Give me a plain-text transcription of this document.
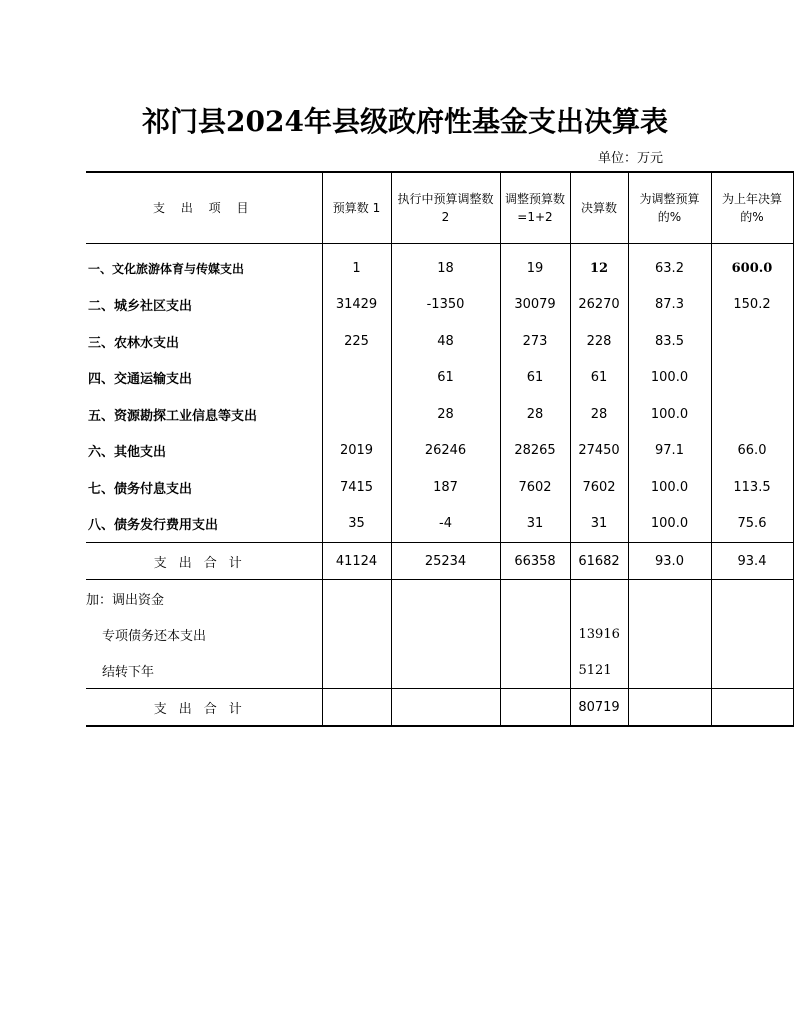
祁门县2024年县级政府性基金支出决算表
单位：万元
支 出 项 目	预算数 1	执行中预算调整数 2	调整预算数 =1+2	决算数	为调整预算的%	为上年决算的%
一、文化旅游体育与传媒支出	1	18	19	12	63.2	600.0
二、城乡社区支出	31429	-1350	30079	26270	87.3	150.2
三、农林水支出	225	48	273	228	83.5	
四、交通运输支出		61	61	61	100.0	
五、资源勘探工业信息等支出		28	28	28	100.0	
六、其他支出	2019	26246	28265	27450	97.1	66.0
七、债务付息支出	7415	187	7602	7602	100.0	113.5
八、债务发行费用支出	35	-4	31	31	100.0	75.6
支出合计	41124	25234	66358	61682	93.0	93.4
加：调出资金						
专项债务还本支出				13916		
结转下年				5121		
支出合计				80719		
